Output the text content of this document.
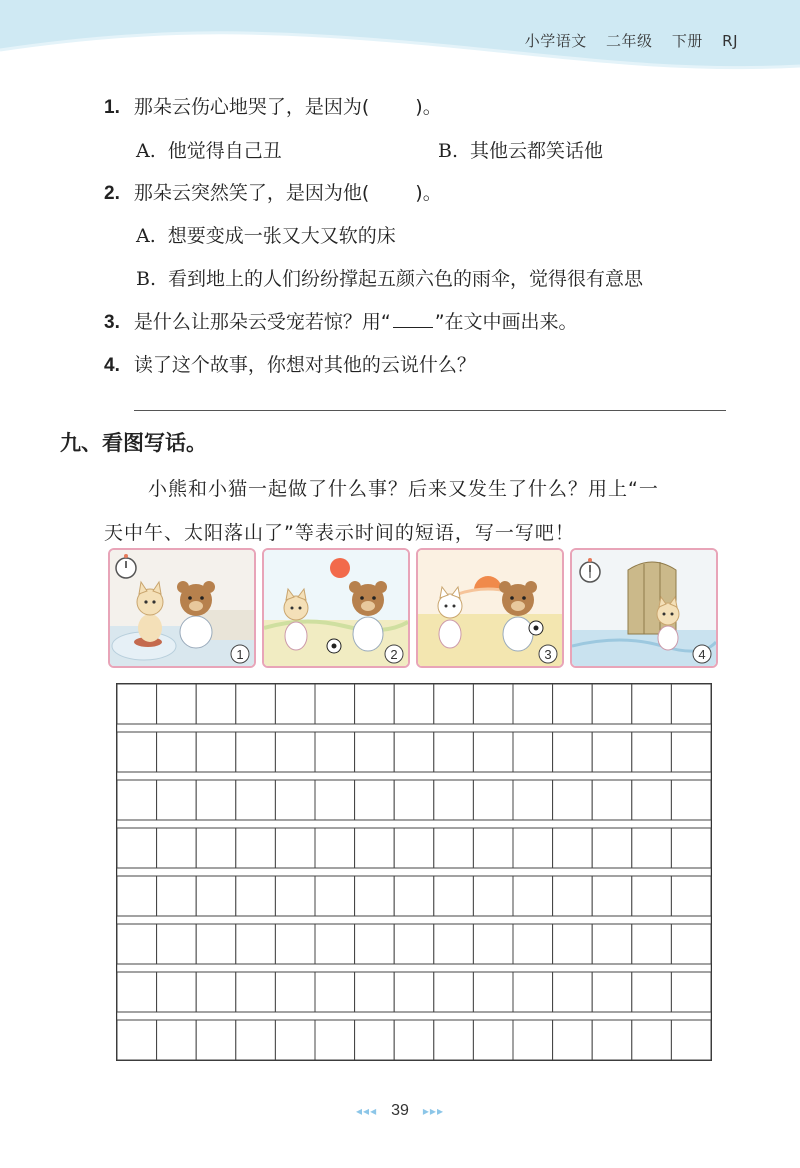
小学语文 二年级 下册 RJ
1. 那朵云伤心地哭了，是因为( )。
A. 他觉得自己丑	B. 其他云都笑话他
2. 那朵云突然笑了，是因为他( )。
A. 想要变成一张又大又软的床
B. 看到地上的人们纷纷撑起五颜六色的雨伞，觉得很有意思
3. 是什么让那朵云受宠若惊？用“ ”在文中画出来。
4. 读了这个故事，你想对其他的云说什么？
九、看图写话。
小熊和小猫一起做了什么事？后来又发生了什么？用上“一
天中午、太阳落山了”等表示时间的短语，写一写吧！
1	2	3	4
◂◂◂ 39 ▸▸▸
